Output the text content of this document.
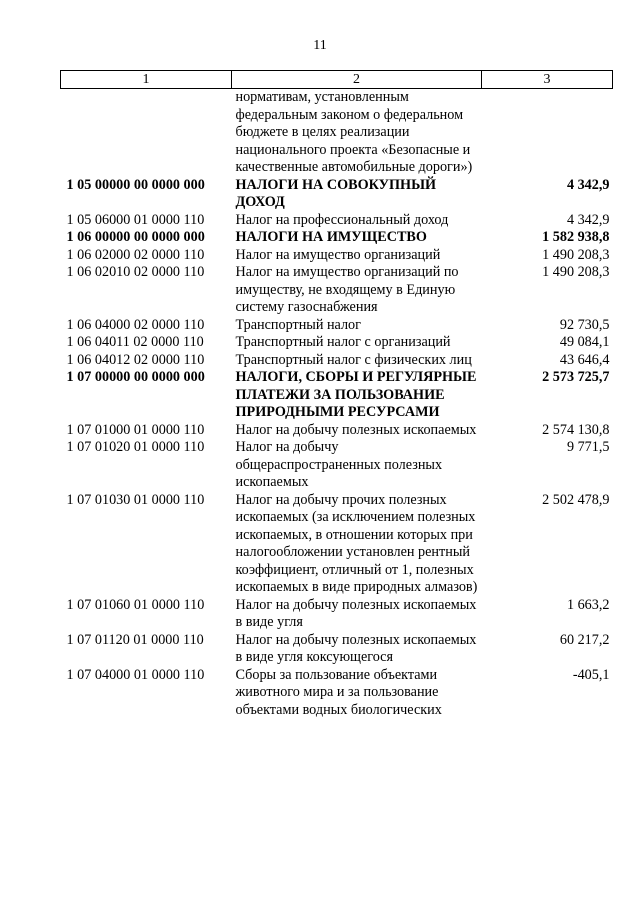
11
1	2	3
	нормативам, установленным федеральным законом о федеральном бюджете в целях реализации национального проекта «Безопасные и качественные автомобильные дороги»)	
1 05 00000 00 0000 000	НАЛОГИ НА СОВОКУПНЫЙ ДОХОД	4 342,9
1 05 06000 01 0000 110	Налог на профессиональный доход	4 342,9
1 06 00000 00 0000 000	НАЛОГИ НА ИМУЩЕСТВО	1 582 938,8
1 06 02000 02 0000 110	Налог на имущество организаций	1 490 208,3
1 06 02010 02 0000 110	Налог на имущество организаций по имуществу, не входящему в Единую систему газоснабжения	1 490 208,3
1 06 04000 02 0000 110	Транспортный налог	92 730,5
1 06 04011 02 0000 110	Транспортный налог с организаций	49 084,1
1 06 04012 02 0000 110	Транспортный налог с физических лиц	43 646,4
1 07 00000 00 0000 000	НАЛОГИ, СБОРЫ И РЕГУЛЯРНЫЕ ПЛАТЕЖИ ЗА ПОЛЬЗОВАНИЕ ПРИРОДНЫМИ РЕСУРСАМИ	2 573 725,7
1 07 01000 01 0000 110	Налог на добычу полезных ископаемых	2 574 130,8
1 07 01020 01 0000 110	Налог на добычу общераспространенных полезных ископаемых	9 771,5
1 07 01030 01 0000 110	Налог на добычу прочих полезных ископаемых (за исключением полезных ископаемых, в отношении которых при налогообложении установлен рентный коэффициент, отличный от 1, полезных ископаемых в виде природных алмазов)	2 502 478,9
1 07 01060 01 0000 110	Налог на добычу полезных ископаемых в виде угля	1 663,2
1 07 01120 01 0000 110	Налог на добычу полезных ископаемых в виде угля коксующегося	60 217,2
1 07 04000 01 0000 110	Сборы за пользование объектами животного мира и за пользование объектами водных биологических	-405,1
